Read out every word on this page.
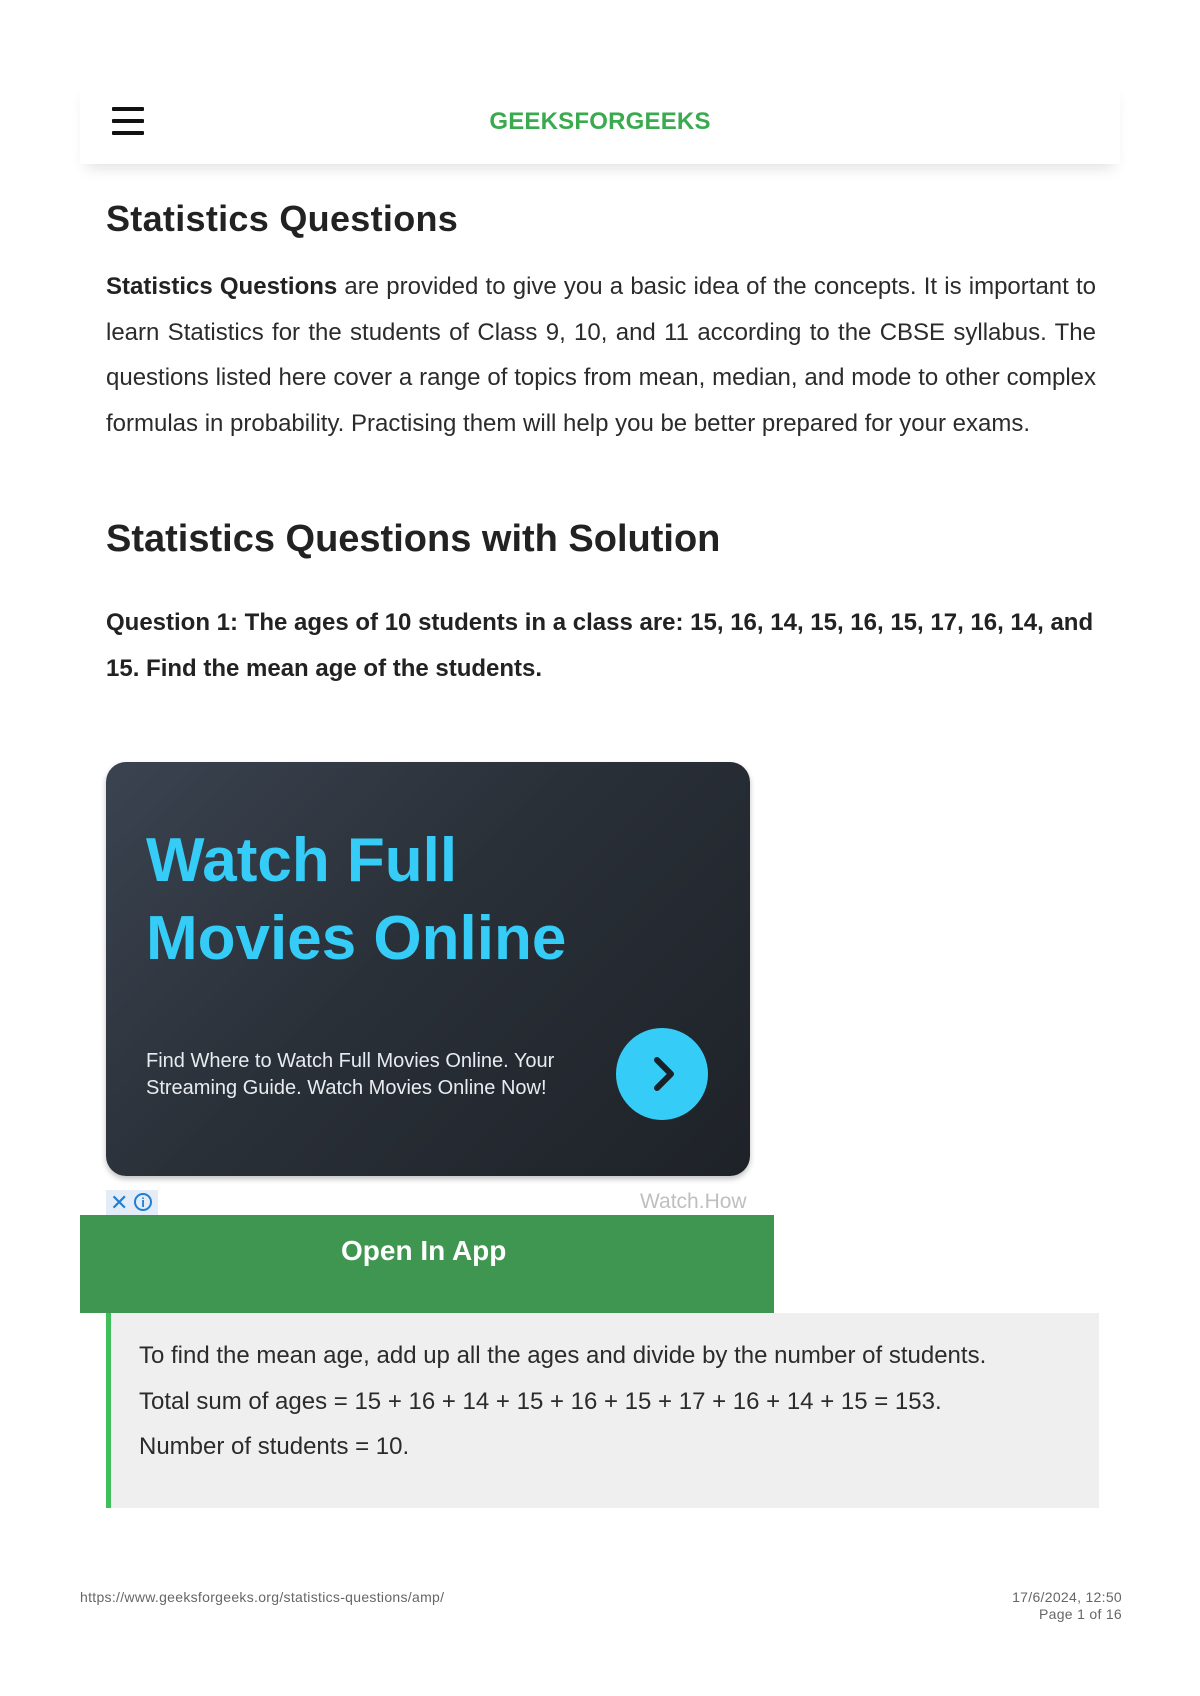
GEEKSFORGEEKS
Statistics Questions

Statistics Questions are provided to give you a basic idea of the concepts. It is important to learn Statistics for the students of Class 9, 10, and 11 according to the CBSE syllabus. The questions listed here cover a range of topics from mean, median, and mode to other complex formulas in probability. Practising them will help you be better prepared for your exams.

Statistics Questions with Solution

Question 1: The ages of 10 students in a class are: 15, 16, 14, 15, 16, 15, 17, 16, 14, and 15. Find the mean age of the students.

Watch Full
Movies Online

Find Where to Watch Full Movies Online. Your
Streaming Guide. Watch Movies Online Now!

✕ i	Watch.How
Open In App

To find the mean age, add up all the ages and divide by the number of students.

Total sum of ages = 15 + 16 + 14 + 15 + 16 + 15 + 17 + 16 + 14 + 15 = 153.

Number of students = 10.

https://www.geeksforgeeks.org/statistics-questions/amp/	17/6/2024, 12:50
Page 1 of 16
